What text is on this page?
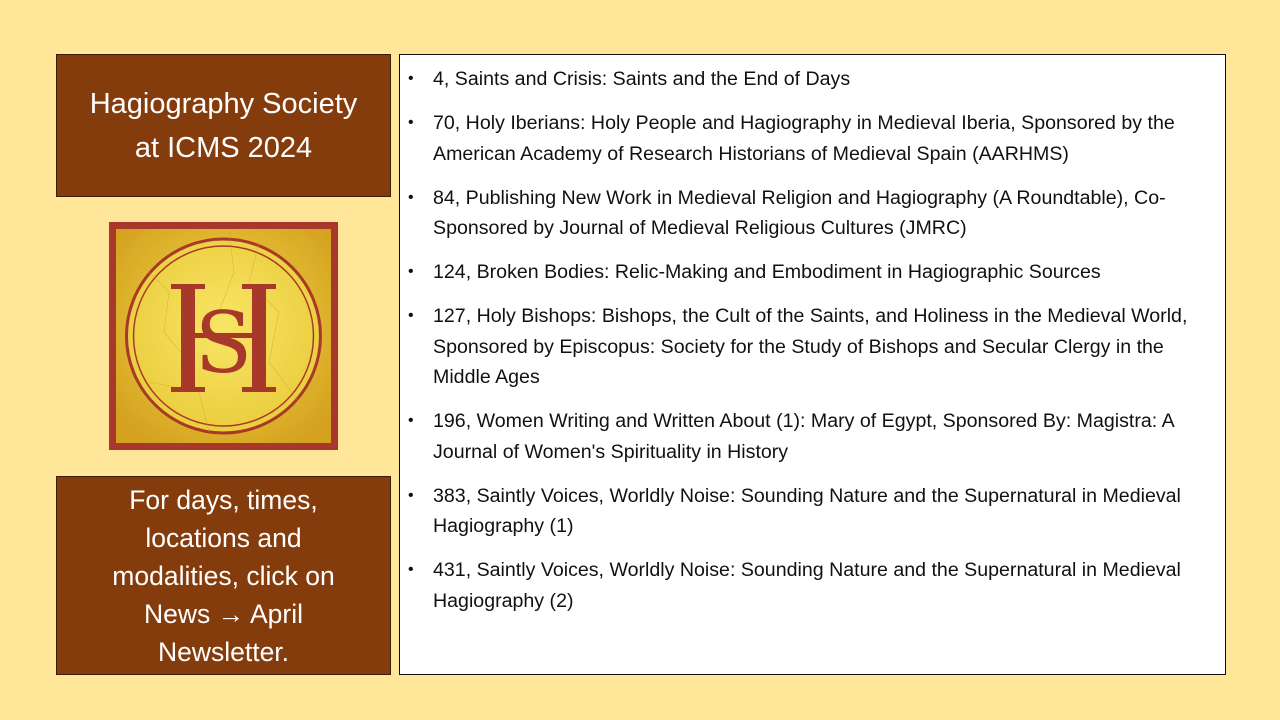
Hagiography Society
at ICMS 2024
S
For days, times,
locations and
modalities, click on
News → April
Newsletter.
• 4, Saints and Crisis: Saints and the End of Days
• 70, Holy Iberians: Holy People and Hagiography in Medieval Iberia, Sponsored by the American Academy of Research Historians of Medieval Spain (AARHMS)
• 84, Publishing New Work in Medieval Religion and Hagiography (A Roundtable), Co-Sponsored by Journal of Medieval Religious Cultures (JMRC)
• 124, Broken Bodies: Relic-Making and Embodiment in Hagiographic Sources
• 127, Holy Bishops: Bishops, the Cult of the Saints, and Holiness in the Medieval World, Sponsored by Episcopus: Society for the Study of Bishops and Secular Clergy in the Middle Ages
• 196, Women Writing and Written About (1): Mary of Egypt, Sponsored By: Magistra: A Journal of Women's Spirituality in History
• 383, Saintly Voices, Worldly Noise: Sounding Nature and the Supernatural in Medieval Hagiography (1)
• 431, Saintly Voices, Worldly Noise: Sounding Nature and the Supernatural in Medieval Hagiography (2)
